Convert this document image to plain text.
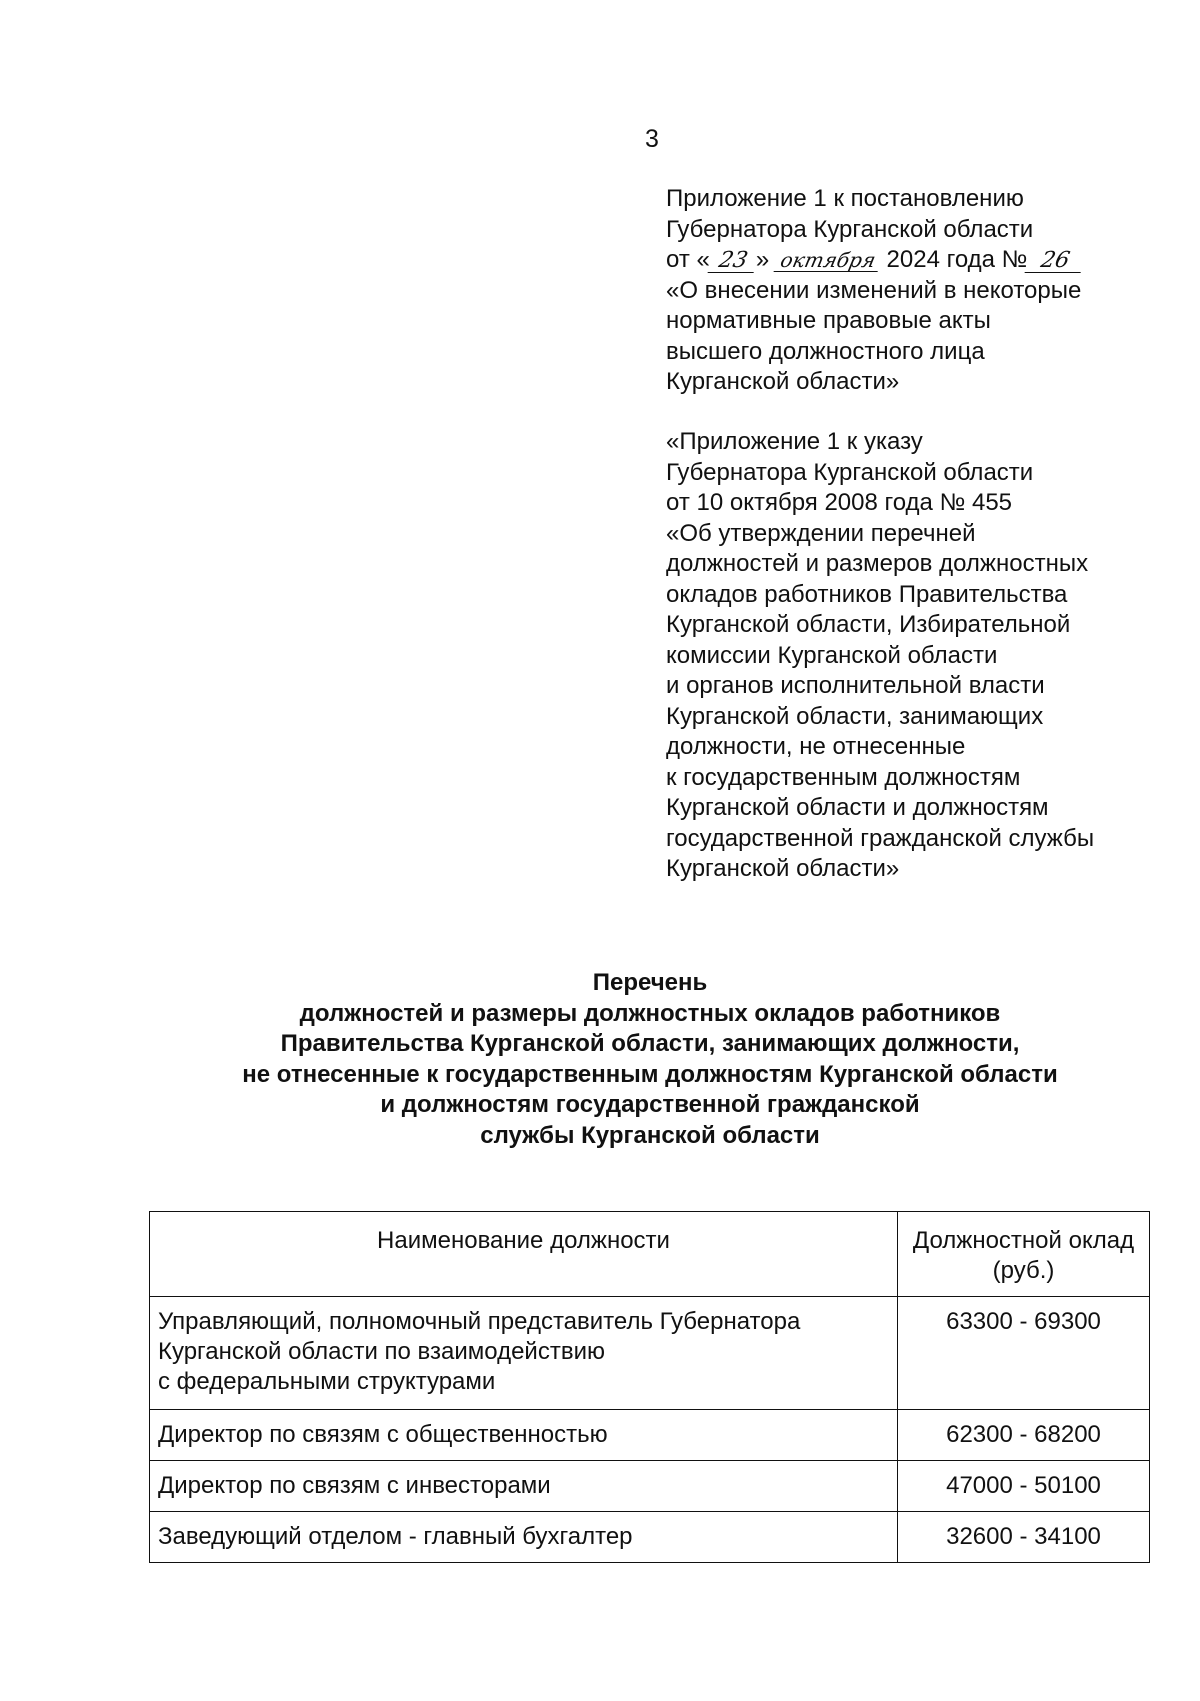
3
Приложение 1 к постановлению
Губернатора Курганской области
от « 23 » октября 2024 года № 26
«О внесении изменений в некоторые
нормативные правовые акты
высшего должностного лица
Курганской области»
«Приложение 1 к указу
Губернатора Курганской области
от 10 октября 2008 года № 455
«Об утверждении перечней
должностей и размеров должностных
окладов работников Правительства
Курганской области, Избирательной
комиссии Курганской области
и органов исполнительной власти
Курганской области, занимающих
должности, не отнесенные
к государственным должностям
Курганской области и должностям
государственной гражданской службы
Курганской области»
Перечень
должностей и размеры должностных окладов работников
Правительства Курганской области, занимающих должности,
не отнесенные к государственным должностям Курганской области
и должностям государственной гражданской
службы Курганской области
Наименование должности	Должностной оклад (руб.)
Управляющий, полномочный представитель Губернатора
Курганской области по взаимодействию
с федеральными структурами	63300 - 69300
Директор по связям с общественностью	62300 - 68200
Директор по связям с инвесторами	47000 - 50100
Заведующий отделом - главный бухгалтер	32600 - 34100
